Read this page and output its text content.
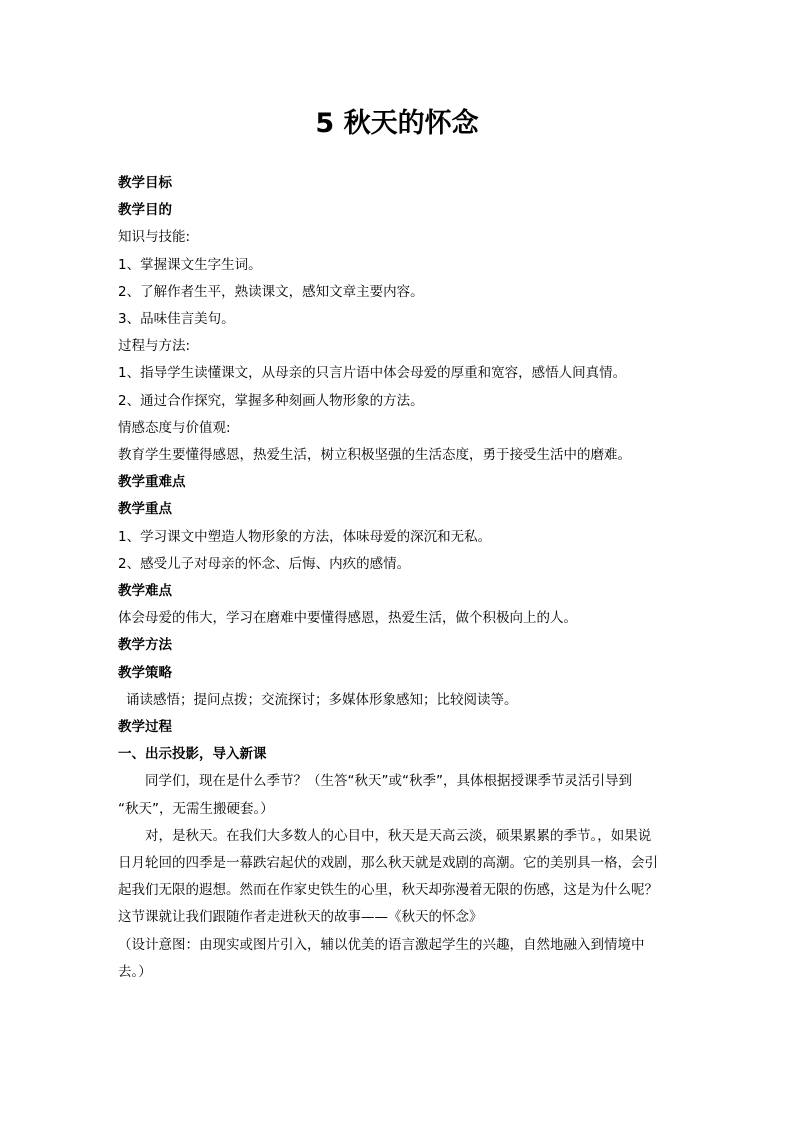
5 秋天的怀念
教学目标
教学目的
知识与技能:
1、掌握课文生字生词。
2、了解作者生平，熟读课文，感知文章主要内容。
3、品味佳言美句。
过程与方法:
1、指导学生读懂课文，从母亲的只言片语中体会母爱的厚重和宽容，感悟人间真情。
2、通过合作探究，掌握多种刻画人物形象的方法。
情感态度与价值观:
教育学生要懂得感恩，热爱生活，树立积极坚强的生活态度，勇于接受生活中的磨难。
教学重难点
教学重点
1、学习课文中塑造人物形象的方法，体味母爱的深沉和无私。
2、感受儿子对母亲的怀念、后悔、内疚的感情。
教学难点
体会母爱的伟大，学习在磨难中要懂得感恩，热爱生活，做个积极向上的人。
教学方法
教学策略
诵读感悟；提问点拨；交流探讨；多媒体形象感知；比较阅读等。
教学过程
一、出示投影，导入新课
同学们，现在是什么季节？（生答“秋天”或“秋季”，具体根据授课季节灵活引导到
“秋天”，无需生搬硬套。）
对，是秋天。在我们大多数人的心目中，秋天是天高云淡，硕果累累的季节。，如果说
日月轮回的四季是一幕跌宕起伏的戏剧，那么秋天就是戏剧的高潮。它的美别具一格，会引
起我们无限的遐想。然而在作家史铁生的心里，秋天却弥漫着无限的伤感，这是为什么呢？
这节课就让我们跟随作者走进秋天的故事——《秋天的怀念》
（设计意图：由现实或图片引入，辅以优美的语言激起学生的兴趣，自然地融入到情境中
去。）
